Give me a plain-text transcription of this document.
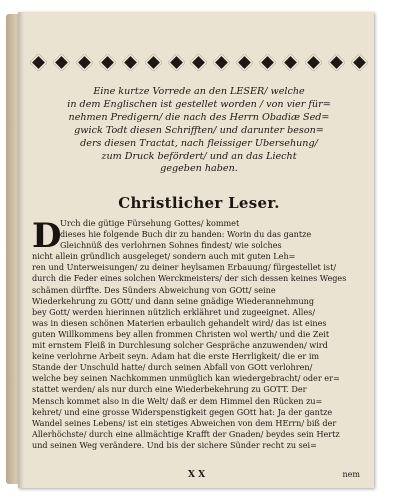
Eine kurtze Vorrede an den LESER/ welche
in dem Englischen ist gestellet worden / von vier für=
nehmen Predigern/ die nach des Herrn Obadiæ Sed=
gwick Todt diesen Schrifften/ und darunter beson=
ders diesen Tractat, nach fleissiger Ubersehung/
zum Druck befördert/ und an das Liecht
gegeben haben.
Christlicher Leser.
D
Urch die gütige Fürsehung Gottes/ kommet
dieses hie folgende Buch dir zu handen: Worin du das gantze
Gleichnüß des verlohrnen Sohnes findest/ wie solches
nicht allein gründlich ausgeleget/ sondern auch mit guten Leh=
ren und Unterweisungen/ zu deiner heylsamen Erbauung/ fürgestellet ist/
durch die Feder eines solchen Werckmeisters/ der sich dessen keines Weges
schämen dürffte. Des Sünders Abweichung von GOtt/ seine
Wiederkehrung zu GOtt/ und dann seine gnädige Wiederannehmung
bey Gott/ werden hierinnen nützlich erklähret und zugeeignet. Alles/
was in diesen schönen Materien erbaulich gehandelt wird/ das ist eines
guten Willkommens bey allen frommen Christen wol werth/ und die Zeit
mit ernstem Fleiß in Durchlesung solcher Gespräche anzuwenden/ wird
keine verlohrne Arbeit seyn. Adam hat die erste Herrligkeit/ die er im
Stande der Unschuld hatte/ durch seinen Abfall von GOtt verlohren/
welche bey seinen Nachkommen unmüglich kan wiedergebracht/ oder er=
stattet werden/ als nur durch eine Wiederbekehrung zu GOTT. Der
Mensch kommet also in die Welt/ daß er dem Himmel den Rücken zu=
kehret/ und eine grosse Widerspenstigkeit gegen GOtt hat: Ja der gantze
Wandel seines Lebens/ ist ein stetiges Abweichen von dem HErrn/ biß der
Allerhöchste/ durch eine allmächtige Krafft der Gnaden/ beydes sein Hertz
und seinen Weg verändere. Und bis der sichere Sünder recht zu sei=
X X	nem
